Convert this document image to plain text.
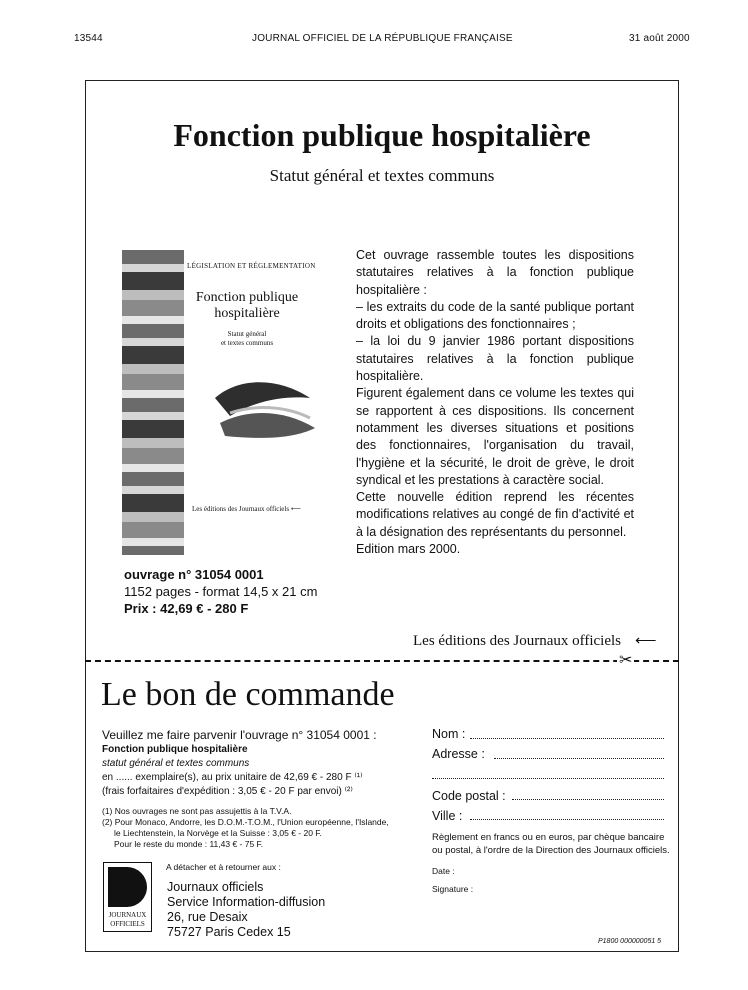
13544	JOURNAL OFFICIEL DE LA RÉPUBLIQUE FRANÇAISE	31 août 2000
Fonction publique hospitalière
Statut général et textes communs
LÉGISLATION ET RÉGLEMENTATION
Fonction publique
hospitalière
Statut général
et textes communs
Les éditions des Journaux officiels ⟵

Cet ouvrage rassemble toutes les dispositions statutaires relatives à la fonction publique hospitalière :

– les extraits du code de la santé publique portant droits et obligations des fonctionnaires ;

– la loi du 9 janvier 1986 portant dispositions statutaires relatives à la fonction publique hospitalière.

Figurent également dans ce volume les textes qui se rapportent à ces dispositions. Ils concernent notamment les diverses situations et positions des fonctionnaires, l'organisation du travail, l'hygiène et la sécurité, le droit de grève, le droit syndical et les prestations à caractère social.

Cette nouvelle édition reprend les récentes modifications relatives au congé de fin d'activité et à la désignation des représentants du personnel.

Edition mars 2000.

ouvrage n° 31054 0001
1152 pages - format 14,5 x 21 cm
Prix : 42,69 € - 280 F
Les éditions des Journaux officiels ⟵
✂
Le bon de commande
Veuillez me faire parvenir l'ouvrage n° 31054 0001 :
Fonction publique hospitalière
statut général et textes communs
en ...... exemplaire(s), au prix unitaire de 42,69 € - 280 F ⁽¹⁾
(frais forfaitaires d'expédition : 3,05 € - 20 F par envoi) ⁽²⁾
(1) Nos ouvrages ne sont pas assujettis à la T.V.A.
(2) Pour Monaco, Andorre, les D.O.M.-T.O.M., l'Union européenne, l'Islande,
le Liechtenstein, la Norvège et la Suisse : 3,05 € - 20 F.
Pour le reste du monde : 11,43 € - 75 F.
JOURNAUX
OFFICIELS
A détacher et à retourner aux :
Journaux officiels
Service Information-diffusion
26, rue Desaix
75727 Paris Cedex 15
Nom :
Adresse :
Code postal :
Ville :
Règlement en francs ou en euros, par chèque bancaire ou postal, à l'ordre de la Direction des Journaux officiels.
Date :
Signature :
P1800 000000051 5
